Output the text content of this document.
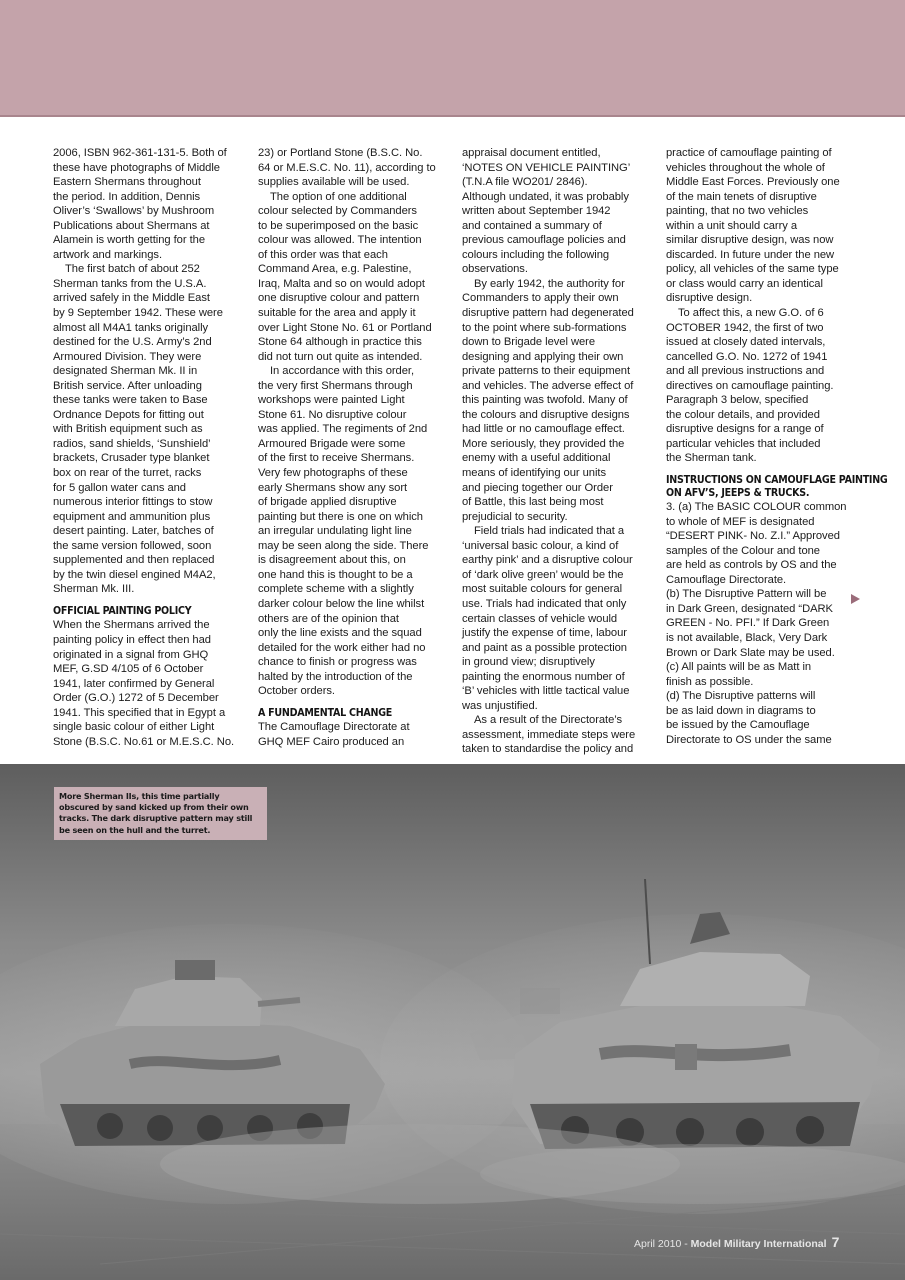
2006, ISBN 962-361-131-5. Both of
these have photographs of Middle
Eastern Shermans throughout
the period. In addition, Dennis
Oliver’s ‘Swallows’ by Mushroom
Publications about Shermans at
Alamein is worth getting for the
artwork and markings.

The first batch of about 252
Sherman tanks from the U.S.A.
arrived safely in the Middle East
by 9 September 1942. These were
almost all M4A1 tanks originally
destined for the U.S. Army’s 2nd
Armoured Division. They were
designated Sherman Mk. II in
British service. After unloading
these tanks were taken to Base
Ordnance Depots for fitting out
with British equipment such as
radios, sand shields, ‘Sunshield’
brackets, Crusader type blanket
box on rear of the turret, racks
for 5 gallon water cans and
numerous interior fittings to stow
equipment and ammunition plus
desert painting. Later, batches of
the same version followed, soon
supplemented and then replaced
by the twin diesel engined M4A2,
Sherman Mk. III.

OFFICIAL PAINTING POLICY

When the Shermans arrived the
painting policy in effect then had
originated in a signal from GHQ
MEF, G.SD 4/105 of 6 October
1941, later confirmed by General
Order (G.O.) 1272 of 5 December
1941. This specified that in Egypt a
single basic colour of either Light
Stone (B.S.C. No.61 or M.E.S.C. No.

23) or Portland Stone (B.S.C. No.
64 or M.E.S.C. No. 11), according to
supplies available will be used.

The option of one additional
colour selected by Commanders
to be superimposed on the basic
colour was allowed. The intention
of this order was that each
Command Area, e.g. Palestine,
Iraq, Malta and so on would adopt
one disruptive colour and pattern
suitable for the area and apply it
over Light Stone No. 61 or Portland
Stone 64 although in practice this
did not turn out quite as intended.

In accordance with this order,
the very first Shermans through
workshops were painted Light
Stone 61. No disruptive colour
was applied. The regiments of 2nd
Armoured Brigade were some
of the first to receive Shermans.
Very few photographs of these
early Shermans show any sort
of brigade applied disruptive
painting but there is one on which
an irregular undulating light line
may be seen along the side. There
is disagreement about this, on
one hand this is thought to be a
complete scheme with a slightly
darker colour below the line whilst
others are of the opinion that
only the line exists and the squad
detailed for the work either had no
chance to finish or progress was
halted by the introduction of the
October orders.

A FUNDAMENTAL CHANGE

The Camouflage Directorate at
GHQ MEF Cairo produced an

appraisal document entitled,
‘NOTES ON VEHICLE PAINTING’
(T.N.A file WO201/ 2846).
Although undated, it was probably
written about September 1942
and contained a summary of
previous camouflage policies and
colours including the following
observations.

By early 1942, the authority for
Commanders to apply their own
disruptive pattern had degenerated
to the point where sub-formations
down to Brigade level were
designing and applying their own
private patterns to their equipment
and vehicles. The adverse effect of
this painting was twofold. Many of
the colours and disruptive designs
had little or no camouflage effect.
More seriously, they provided the
enemy with a useful additional
means of identifying our units
and piecing together our Order
of Battle, this last being most
prejudicial to security.

Field trials had indicated that a
‘universal basic colour, a kind of
earthy pink’ and a disruptive colour
of ‘dark olive green’ would be the
most suitable colours for general
use. Trials had indicated that only
certain classes of vehicle would
justify the expense of time, labour
and paint as a possible protection
in ground view; disruptively
painting the enormous number of
‘B’ vehicles with little tactical value
was unjustified.

As a result of the Directorate’s
assessment, immediate steps were
taken to standardise the policy and

practice of camouflage painting of
vehicles throughout the whole of
Middle East Forces. Previously one
of the main tenets of disruptive
painting, that no two vehicles
within a unit should carry a
similar disruptive design, was now
discarded. In future under the new
policy, all vehicles of the same type
or class would carry an identical
disruptive design.

To affect this, a new G.O. of 6
OCTOBER 1942, the first of two
issued at closely dated intervals,
cancelled G.O. No. 1272 of 1941
and all previous instructions and
directives on camouflage painting.
Paragraph 3 below, specified
the colour details, and provided
disruptive designs for a range of
particular vehicles that included
the Sherman tank.

INSTRUCTIONS ON CAMOUFLAGE PAINTING
ON AFV’S, JEEPS & TRUCKS.

3. (a) The BASIC COLOUR common
to whole of MEF is designated
“DESERT PINK- No. Z.I.” Approved
samples of the Colour and tone
are held as controls by OS and the
Camouflage Directorate.
(b) The Disruptive Pattern will be
in Dark Green, designated “DARK
GREEN - No. PFI.” If Dark Green
is not available, Black, Very Dark
Brown or Dark Slate may be used.
(c) All paints will be as Matt in
finish as possible.
(d) The Disruptive patterns will
be as laid down in diagrams to
be issued by the Camouflage
Directorate to OS under the same

More Sherman IIs, this time partially obscured by sand kicked up from their own tracks. The dark disruptive pattern may still be seen on the hull and the turret.
April 2010 - Model Military International 7
